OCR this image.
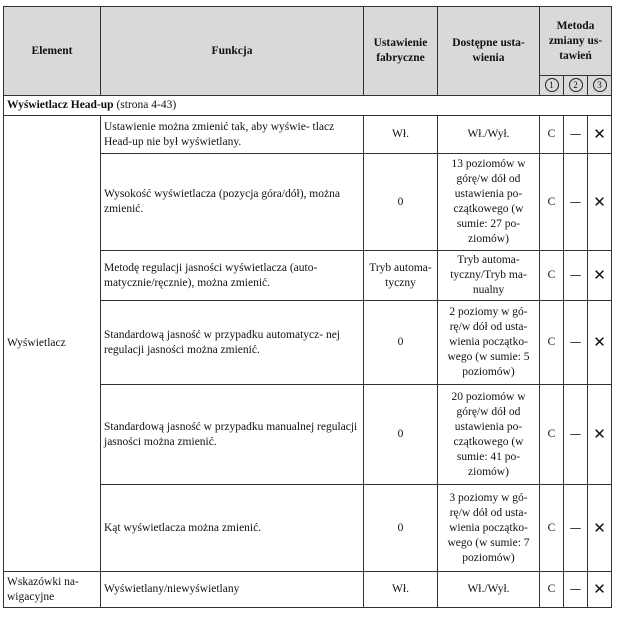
Element	Funkcja	Ustawienie fabryczne	Dostępne usta- wienia	Metoda zmiany us- tawień		
				1	2	3
Wyświetlacz Head-up (strona 4-43)						
Wyświetlacz	Ustawienie można zmienić tak, aby wyświe- tlacz Head-up nie był wyświetlany.	Wł.	Wł./Wył.	C	—	✕
	Wysokość wyświetlacza (pozycja góra/dół), można zmienić.	0	13 poziomów w górę/w dół od ustawienia po- czątkowego (w sumie: 27 po- ziomów)	C	—	✕
	Metodę regulacji jasności wyświetlacza (auto- matycznie/ręcznie), można zmienić.	Tryb automa- tyczny	Tryb automa- tyczny/Tryb ma- nualny	C	—	✕
	Standardową jasność w przypadku automatycz- nej regulacji jasności można zmienić.	0	2 poziomy w gó- rę/w dół od usta- wienia początko- wego (w sumie: 5 poziomów)	C	—	✕
	Standardową jasność w przypadku manualnej regulacji jasności można zmienić.	0	20 poziomów w górę/w dół od ustawienia po- czątkowego (w sumie: 41 po- ziomów)	C	—	✕
	Kąt wyświetlacza można zmienić.	0	3 poziomy w gó- rę/w dół od usta- wienia początko- wego (w sumie: 7 poziomów)	C	—	✕
Wskazówki na- wigacyjne	Wyświetlany/niewyświetlany	Wł.	Wł./Wył.	C	—	✕
